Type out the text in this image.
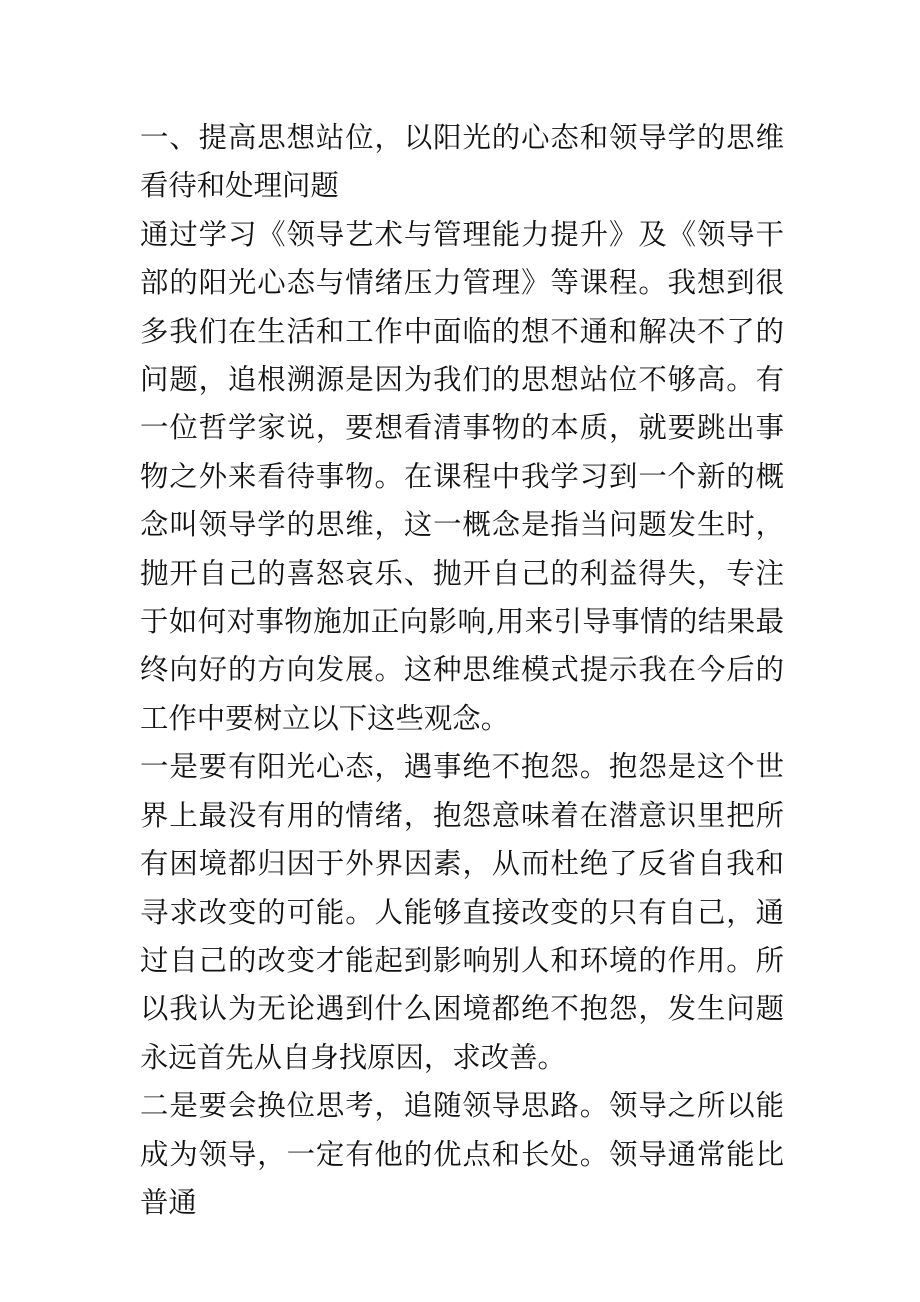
一、提高思想站位，以阳光的心态和领导学的思维看待和处理问题

通过学习《领导艺术与管理能力提升》及《领导干部的阳光心态与情绪压力管理》等课程。我想到很多我们在生活和工作中面临的想不通和解决不了的问题，追根溯源是因为我们的思想站位不够高。有一位哲学家说，要想看清事物的本质，就要跳出事物之外来看待事物。在课程中我学习到一个新的概念叫领导学的思维，这一概念是指当问题发生时，抛开自己的喜怒哀乐、抛开自己的利益得失，专注于如何对事物施加正向影响,用来引导事情的结果最终向好的方向发展。这种思维模式提示我在今后的工作中要树立以下这些观念。

一是要有阳光心态，遇事绝不抱怨。抱怨是这个世界上最没有用的情绪，抱怨意味着在潜意识里把所有困境都归因于外界因素，从而杜绝了反省自我和寻求改变的可能。人能够直接改变的只有自己，通过自己的改变才能起到影响别人和环境的作用。所以我认为无论遇到什么困境都绝不抱怨，发生问题永远首先从自身找原因，求改善。

二是要会换位思考，追随领导思路。领导之所以能成为领导，一定有他的优点和长处。领导通常能比普通
